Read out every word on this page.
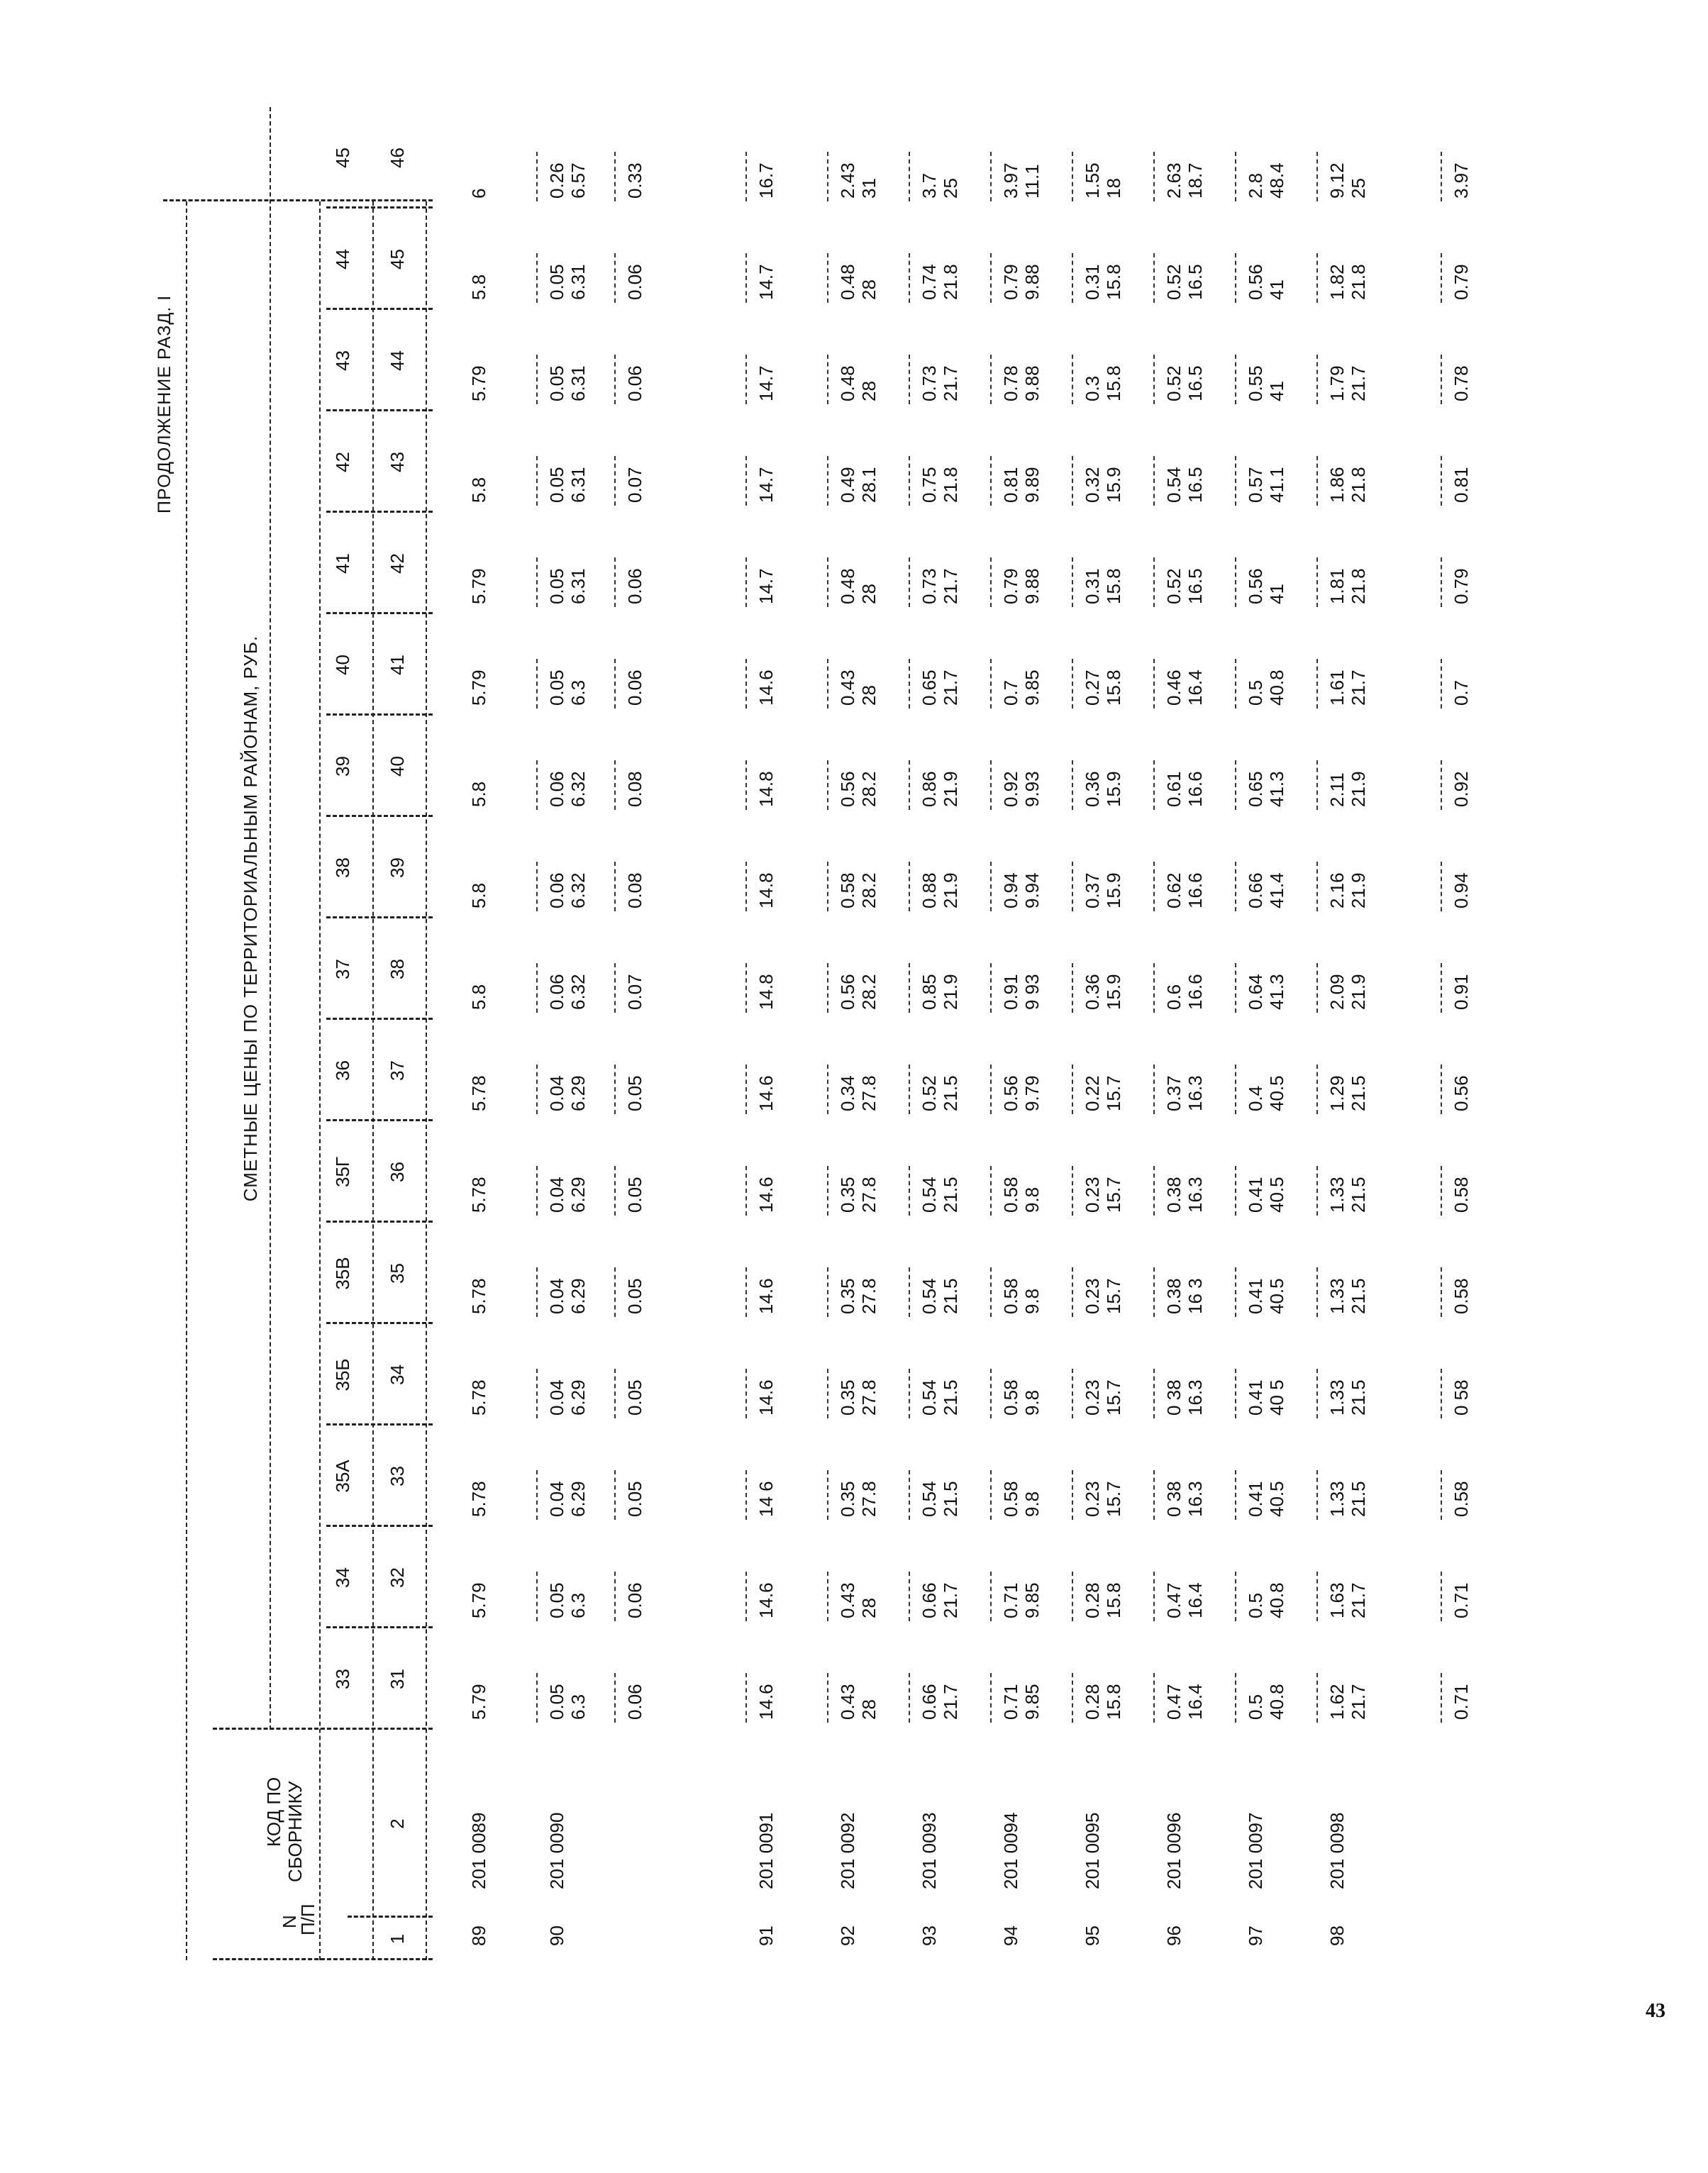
ПРОДОЛЖЕНИЕ РАЗД. I
СМЕТНЫЕ ЦЕНЫ ПО ТЕРРИТОРИАЛЬНЫМ РАЙОНАМ, РУБ.
N
П/П
КОД ПО СБОРНИКУ
1
2
33 31
34 32
35А 33
35Б 34
35В 35
35Г 36
36 37
37 38
38 39
39 40
40 41
41 42
42 43
43 44
44 45
45 46
89
201 0089
5.79
5.79
5.78
5.78
5.78
5.78
5.78
5.8
5.8
5.8
5.79
5.79
5.8
5.79
5.8
6
90
201 0090
0.05 6.3
0.05 6.3
0.04 6.29
0.04 6.29
0.04 6.29
0.04 6.29
0.04 6.29
0.06 6.32
0.06 6.32
0.06 6.32
0.05 6.3
0.05 6.31
0.05 6.31
0.05 6.31
0.05 6.31
0.26 6.57
0.06
0.06
0.05
0.05
0.05
0.05
0.05
0.07
0.08
0.08
0.06
0.06
0.07
0.06
0.06
0.33
91
201 0091
14.6
14.6
14 6
14.6
14.6
14.6
14.6
14.8
14.8
14.8
14.6
14.7
14.7
14.7
14.7
16.7
92
201 0092
0.43 28
0.43 28
0.35 27.8
0.35 27.8
0.35 27.8
0.35 27.8
0.34 27.8
0.56 28.2
0.58 28.2
0.56 28.2
0.43 28
0.48 28
0.49 28.1
0.48 28
0.48 28
2.43 31
93
201 0093
0.66 21.7
0.66 21.7
0.54 21.5
0.54 21.5
0.54 21.5
0.54 21.5
0.52 21.5
0.85 21.9
0.88 21.9
0.86 21.9
0.65 21.7
0.73 21.7
0.75 21.8
0.73 21.7
0.74 21.8
3.7 25
94
201 0094
0.71 9.85
0.71 9.85
0.58 9.8
0.58 9.8
0.58 9.8
0.58 9.8
0.56 9.79
0.91 9 93
0.94 9.94
0.92 9.93
0.7 9.85
0.79 9.88
0.81 9.89
0.78 9.88
0.79 9.88
3.97 11.1
95
201 0095
0.28 15.8
0.28 15.8
0.23 15.7
0.23 15.7
0.23 15.7
0.23 15.7
0.22 15.7
0.36 15.9
0.37 15.9
0.36 15.9
0.27 15.8
0.31 15.8
0.32 15.9
0.3 15.8
0.31 15.8
1.55 18
96
201 0096
0.47 16.4
0.47 16.4
0 38 16.3
0 38 16.3
0.38 16 3
0.38 16.3
0.37 16.3
0.6 16.6
0.62 16.6
0.61 16.6
0.46 16.4
0.52 16.5
0.54 16.5
0.52 16.5
0.52 16.5
2.63 18.7
97
201 0097
0.5 40.8
0.5 40.8
0.41 40.5
0.41 40 5
0.41 40.5
0.41 40.5
0.4 40.5
0.64 41.3
0.66 41.4
0.65 41.3
0.5 40.8
0.56 41
0.57 41.1
0.55 41
0.56 41
2.8 48.4
98
201 0098
1.62 21.7
1.63 21.7
1.33 21.5
1.33 21.5
1.33 21.5
1.33 21.5
1.29 21.5
2.09 21.9
2.16 21.9
2.11 21.9
1.61 21.7
1.81 21.8
1.86 21.8
1.79 21.7
1.82 21.8
9.12 25
0.71
0.71
0.58
0 58
0.58
0.58
0.56
0.91
0.94
0.92
0.7
0.79
0.81
0.78
0.79
3.97
43
